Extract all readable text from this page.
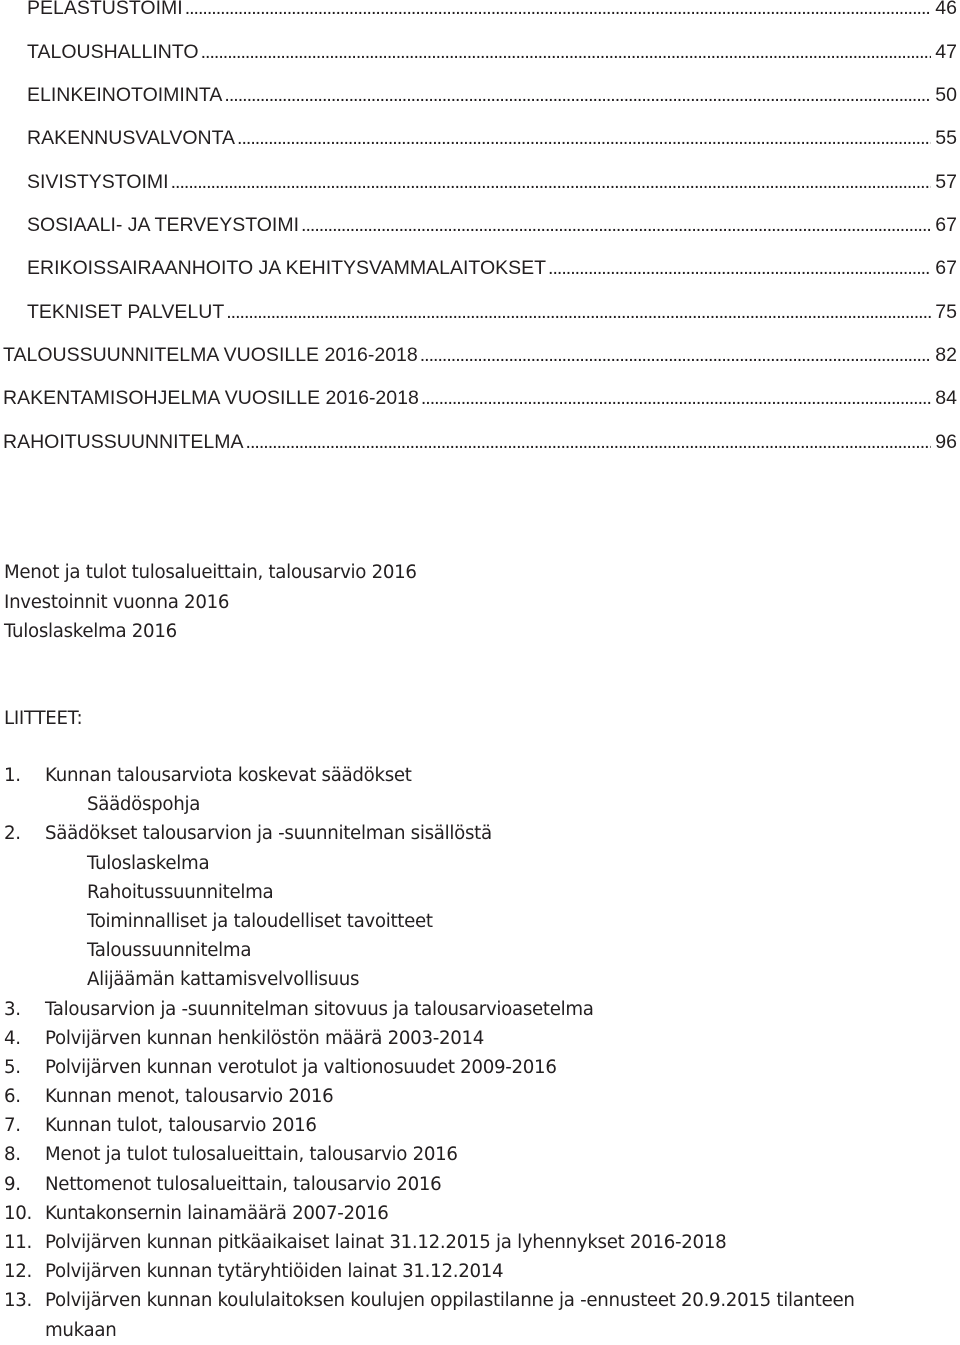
PELASTUSTOIMI . . .	46
TALOUSHALLINTO . . .	47
ELINKEINOTOIMINTA . . .	50
RAKENNUSVALVONTA . . .	55
SIVISTYSTOIMI . . .	57
SOSIAALI- JA TERVEYSTOIMI . . .	67
ERIKOISSAIRAANHOITO JA KEHITYSVAMMALAITOKSET . . .	67
TEKNISET PALVELUT . . .	75
TALOUSSUUNNITELMA VUOSILLE 2016-2018 . . .	82
RAKENTAMISOHJELMA VUOSILLE 2016-2018 . . .	84
RAHOITUSSUUNNITELMA . . .	96
Menot ja tulot tulosalueittain, talousarvio 2016
Investoinnit vuonna 2016
Tuloslaskelma 2016
LIITTEET:
1. Kunnan talousarviota koskevat säädökset
Säädöspohja
2. Säädökset talousarvion ja -suunnitelman sisällöstä
Tuloslaskelma
Rahoitussuunnitelma
Toiminnalliset ja taloudelliset tavoitteet
Taloussuunnitelma
Alijäämän kattamisvelvollisuus
3. Talousarvion ja -suunnitelman sitovuus ja talousarvioasetelma
4. Polvijärven kunnan henkilöstön määrä 2003-2014
5. Polvijärven kunnan verotulot ja valtionosuudet 2009-2016
6. Kunnan menot, talousarvio 2016
7. Kunnan tulot, talousarvio 2016
8. Menot ja tulot tulosalueittain, talousarvio 2016
9. Nettomenot tulosalueittain, talousarvio 2016
10. Kuntakonsernin lainamäärä 2007-2016
11. Polvijärven kunnan pitkäaikaiset lainat 31.12.2015 ja lyhennykset 2016-2018
12. Polvijärven kunnan tytäryhtiöiden lainat 31.12.2014
13. Polvijärven kunnan koululaitoksen koulujen oppilastilanne ja -ennusteet 20.9.2015 tilanteen
mukaan
